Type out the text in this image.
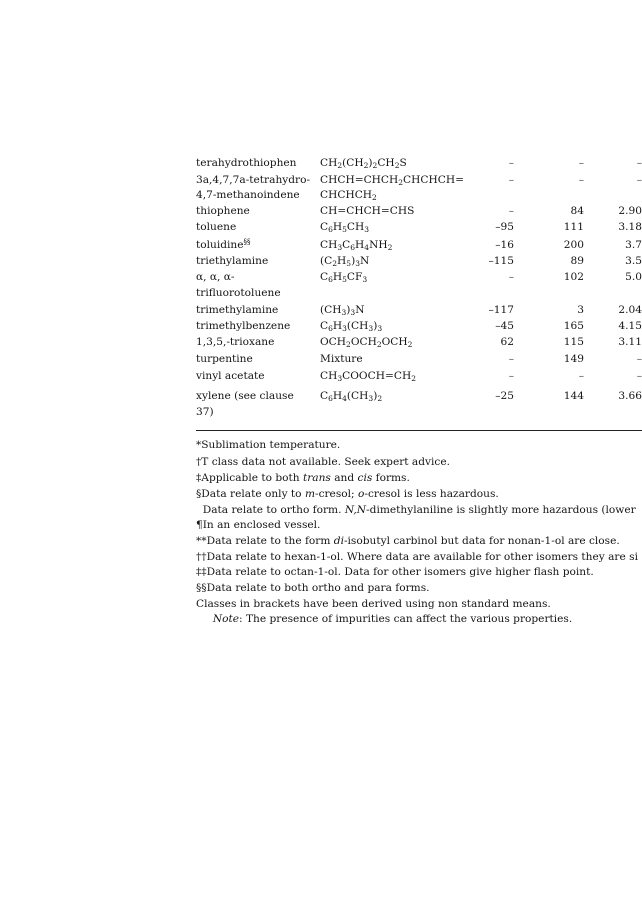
terahydrothiophen $CH_2(CH_2)_2CH_2S$	–	–	–
3a,4,7,7a-tetrahydro- $CHCH=CHCH_2CHCHCH=$	–	–	–
4,7-methanoindene $CHCHCH_2$
thiophene	CH=CHCH=CHS	–	84	2.90
toluene	$C_6H_5CH_3$	–95	111	3.18
toluidine§§	$CH_3C_6H_4NH_2$	–16	200	3.7
triethylamine	$(C_2H_5)_3N$	–115	89	3.5
α, α, α-	$C_6H_5CF_3$	–	102	5.0
trifluorotoluene
trimethylamine	$(CH_3)_3N$	–117	3	2.04
trimethylbenzene	$C_6H_3(CH_3)_3$	–45	165	4.15
1,3,5,-trioxane	$OCH_2OCH_2OCH_2$	62	115	3.11
turpentine	Mixture	–	149	–
vinyl acetate	$CH_3COOCH=CH_2$	–	–	–
xylene (see clause $C_6H_4(CH_3)_2$	–25	144	3.66
37)
*Sublimation temperature.
†T class data not available. Seek expert advice.
‡Applicable to both trans and cis forms.
§Data relate only to m-cresol; o-cresol is less hazardous.
Data relate to ortho form. N,N-dimethylaniline is slightly more hazardous (lower
¶In an enclosed vessel.
**Data relate to the form di-isobutyl carbinol but data for nonan-1-ol are close.
††Data relate to hexan-1-ol. Where data are available for other isomers they are si
‡‡Data relate to octan-1-ol. Data for other isomers give higher flash point.
§§Data relate to both ortho and para forms.
Classes in brackets have been derived using non standard means.
Note: The presence of impurities can affect the various properties.
